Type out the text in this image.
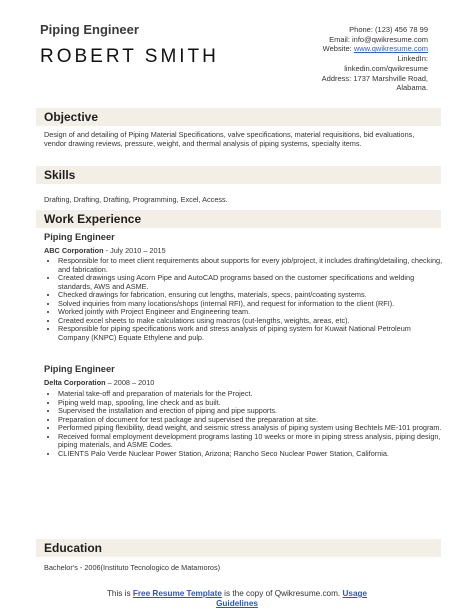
Piping Engineer
ROBERT SMITH
Phone: (123) 456 78 99
Email: info@qwikresume.com
Website: www.qwikresume.com
LinkedIn:
linkedin.com/qwikresume
Address: 1737 Marshville Road,
Alabama.
Objective
Design of and detailing of Piping Material Specifications, valve specifications, material requisitions, bid evaluations, vendor drawing reviews, pressure, weight, and thermal analysis of piping systems, specialty items.
Skills
Drafting, Drafting, Drafting, Programming, Excel, Access.
Work Experience
Piping Engineer
ABC Corporation - July 2010 – 2015
• Responsible for to meet client requirements about supports for every job/project, it includes drafting/detailing, checking, and fabrication.
• Created drawings using Acorn Pipe and AutoCAD programs based on the customer specifications and welding standards, AWS and ASME.
• Checked drawings for fabrication, ensuring cut lengths, materials, specs, paint/coating systems.
• Solved inquiries from many locations/shops (internal RFI), and request for information to the client (RFI).
• Worked jointly with Project Engineer and Engineering team.
• Created excel sheets to make calculations using macros (cut-lengths, weights, areas, etc).
• Responsible for piping specifications work and stress analysis of piping system for Kuwait National Petroleum Company (KNPC) Equate Ethylene and pulp.
Piping Engineer
Delta Corporation – 2008 – 2010
• Material take-off and preparation of materials for the Project.
• Piping weld map, spooling, line check and as built.
• Supervised the installation and erection of piping and pipe supports.
• Preparation of document for test package and supervised the preparation at site.
• Performed piping flexibility, dead weight, and seismic stress analysis of piping system using Bechtels ME-101 program.
• Received formal employment development programs lasting 10 weeks or more in piping stress analysis, piping design, piping materials, and ASME Codes.
• CLIENTS Palo Verde Nuclear Power Station, Arizona; Rancho Seco Nuclear Power Station, California.
Education
Bachelor's - 2006(Instituto Tecnologico de Matamoros)
This is Free Resume Template is the copy of Qwikresume.com. Usage
Guidelines
